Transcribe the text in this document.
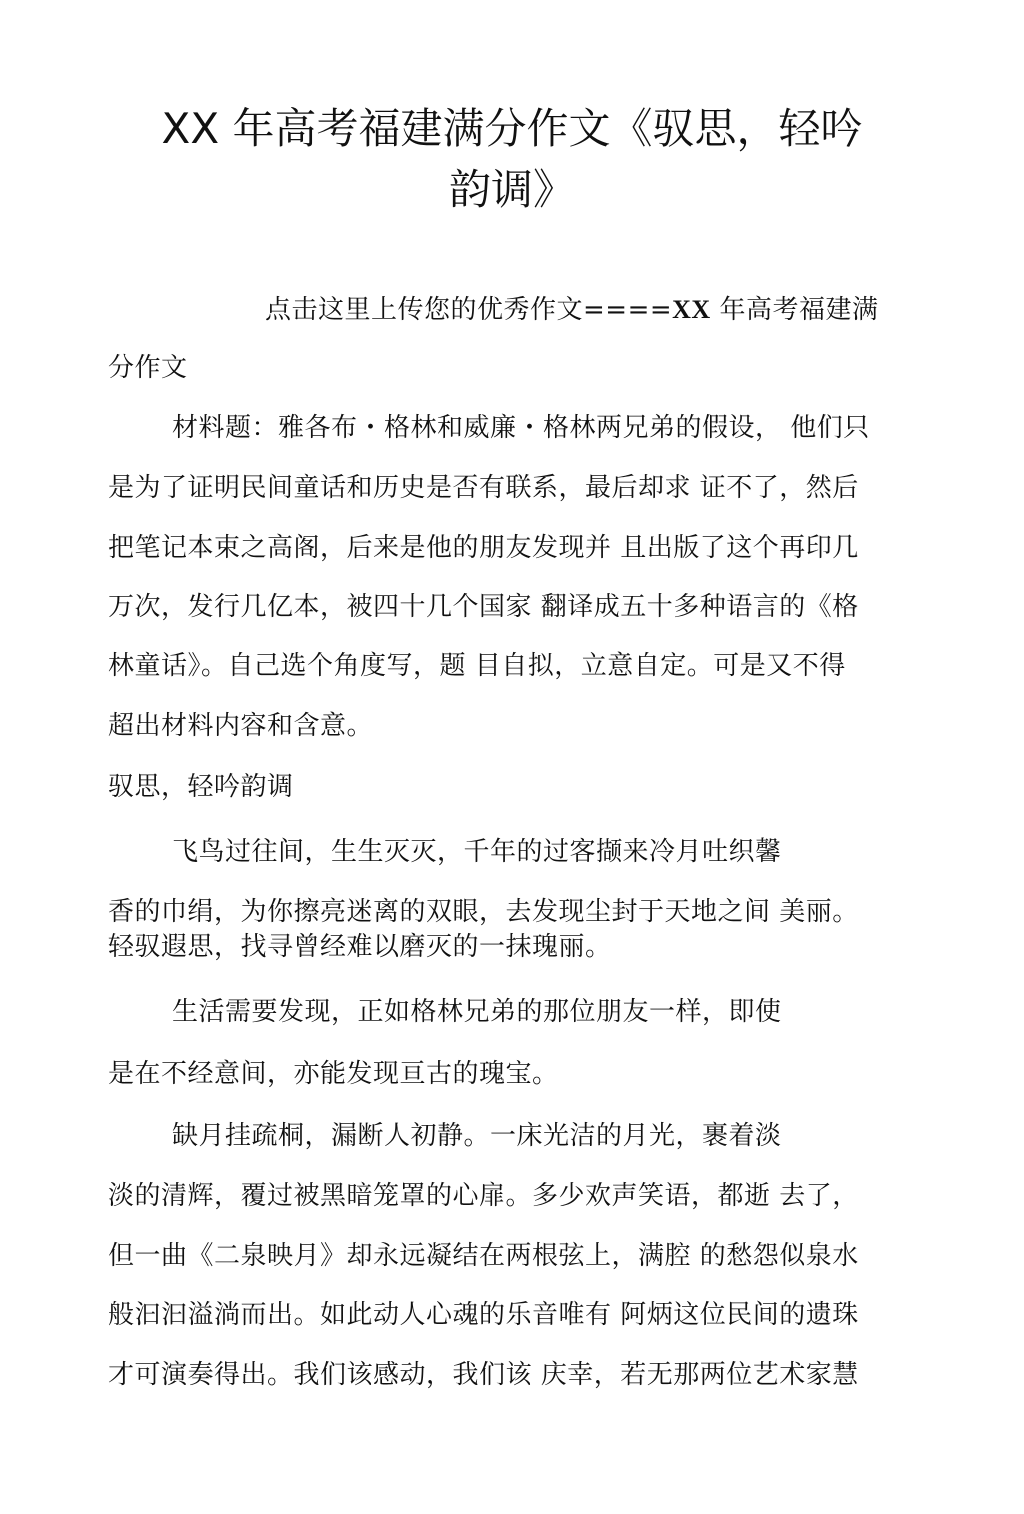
XX 年高考福建满分作文《驭思，轻吟
韵调》
点击这里上传您的优秀作文====XX 年高考福建满
分作文
材料题：雅各布・格林和威廉・格林两兄弟的假设， 他们只
是为了证明民间童话和历史是否有联系，最后却求 证不了，然后
把笔记本束之高阁，后来是他的朋友发现并 且出版了这个再印几
万次，发行几亿本，被四十几个国家 翻译成五十多种语言的《格
林童话》。自己选个角度写，题 目自拟，立意自定。可是又不得
超出材料内容和含意。
驭思，轻吟韵调
飞鸟过往间，生生灭灭，千年的过客撷来冷月吐织馨
香的巾绢，为你擦亮迷离的双眼，去发现尘封于天地之间 美丽。
轻驭遐思，找寻曾经难以磨灭的一抹瑰丽。
生活需要发现，正如格林兄弟的那位朋友一样，即使
是在不经意间，亦能发现亘古的瑰宝。
缺月挂疏桐，漏断人初静。一床光洁的月光，裹着淡
淡的清辉，覆过被黑暗笼罩的心扉。多少欢声笑语，都逝 去了，
但一曲《二泉映月》却永远凝结在两根弦上，满腔 的愁怨似泉水
般汩汩溢淌而出。如此动人心魂的乐音唯有 阿炳这位民间的遗珠
才可演奏得出。我们该感动，我们该 庆幸，若无那两位艺术家慧
